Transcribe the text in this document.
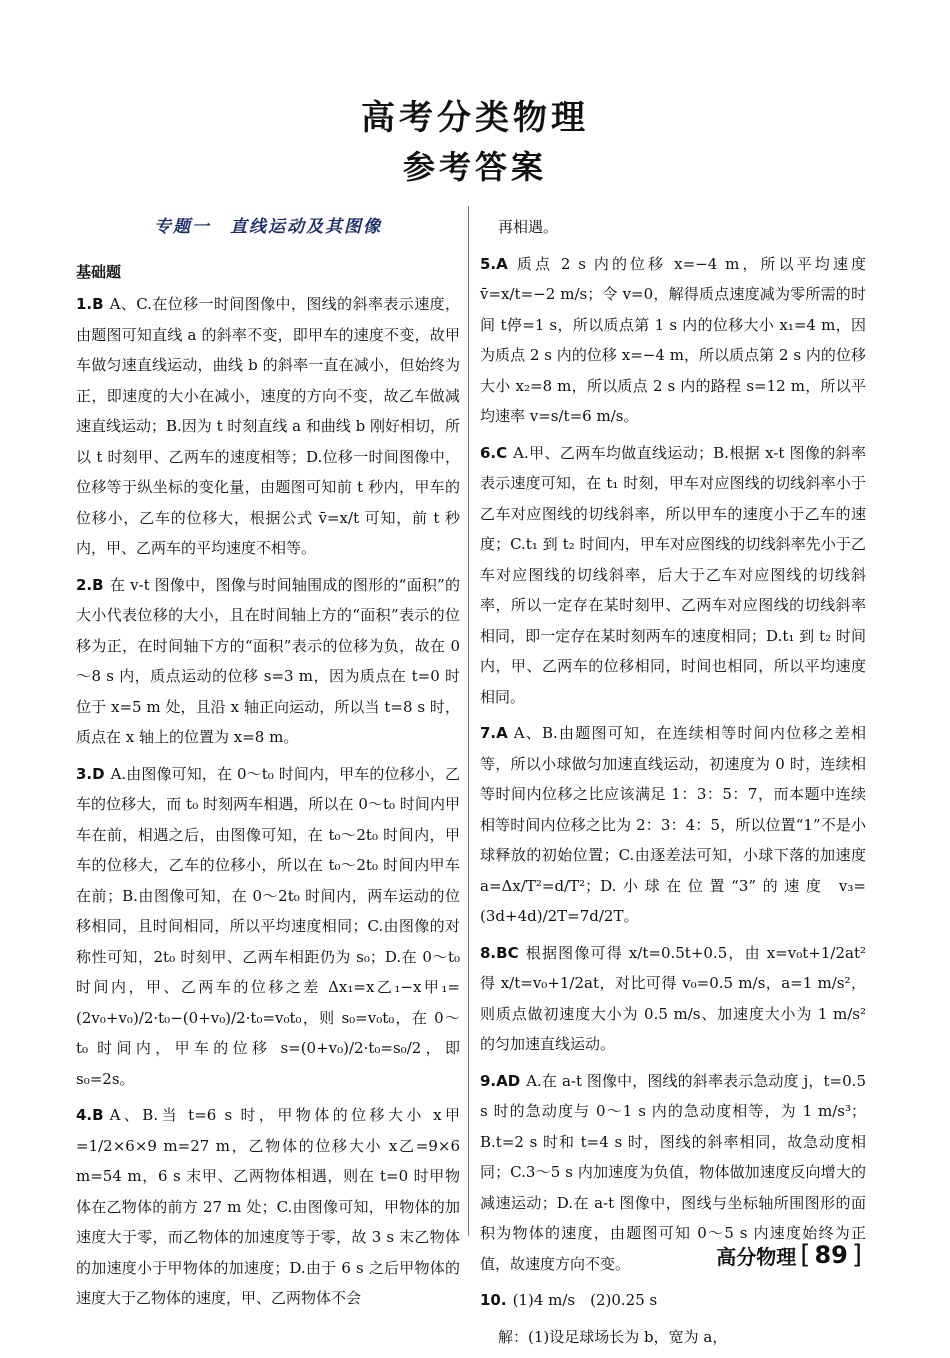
高考分类物理
参考答案
专题一　直线运动及其图像
基础题
1.B A、C.在位移一时间图像中，图线的斜率表示速度，由题图可知直线 a 的斜率不变，即甲车的速度不变，故甲车做匀速直线运动，曲线 b 的斜率一直在减小，但始终为正，即速度的大小在减小，速度的方向不变，故乙车做减速直线运动；B.因为 t 时刻直线 a 和曲线 b 刚好相切，所以 t 时刻甲、乙两车的速度相等；D.位移一时间图像中，位移等于纵坐标的变化量，由题图可知前 t 秒内，甲车的位移小，乙车的位移大，根据公式 v̄=x/t 可知，前 t 秒内，甲、乙两车的平均速度不相等。
2.B 在 v-t 图像中，图像与时间轴围成的图形的“面积”的大小代表位移的大小，且在时间轴上方的“面积”表示的位移为正，在时间轴下方的“面积”表示的位移为负，故在 0～8 s 内，质点运动的位移 s=3 m，因为质点在 t=0 时位于 x=5 m 处，且沿 x 轴正向运动，所以当 t=8 s 时，质点在 x 轴上的位置为 x=8 m。
3.D A.由图像可知，在 0～t₀ 时间内，甲车的位移小，乙车的位移大，而 t₀ 时刻两车相遇，所以在 0～t₀ 时间内甲车在前，相遇之后，由图像可知，在 t₀～2t₀ 时间内，甲车的位移大，乙车的位移小，所以在 t₀～2t₀ 时间内甲车在前；B.由图像可知，在 0～2t₀ 时间内，两车运动的位移相同，且时间相同，所以平均速度相同；C.由图像的对称性可知，2t₀ 时刻甲、乙两车相距仍为 s₀；D.在 0～t₀ 时间内，甲、乙两车的位移之差 Δx₁=x乙₁−x甲₁=(2v₀+v₀)/2·t₀−(0+v₀)/2·t₀=v₀t₀，则 s₀=v₀t₀，在 0～t₀ 时间内，甲车的位移 s=(0+v₀)/2·t₀=s₀/2，即 s₀=2s。
4.B A、B.当 t=6 s 时，甲物体的位移大小 x甲=1/2×6×9 m=27 m，乙物体的位移大小 x乙=9×6 m=54 m，6 s 末甲、乙两物体相遇，则在 t=0 时甲物体在乙物体的前方 27 m 处；C.由图像可知，甲物体的加速度大于零，而乙物体的加速度等于零，故 3 s 末乙物体的加速度小于甲物体的加速度；D.由于 6 s 之后甲物体的速度大于乙物体的速度，甲、乙两物体不会
再相遇。
5.A 质点 2 s 内的位移 x=−4 m，所以平均速度 v̄=x/t=−2 m/s；令 v=0，解得质点速度减为零所需的时间 t停=1 s，所以质点第 1 s 内的位移大小 x₁=4 m，因为质点 2 s 内的位移 x=−4 m，所以质点第 2 s 内的位移大小 x₂=8 m，所以质点 2 s 内的路程 s=12 m，所以平均速率 v=s/t=6 m/s。
6.C A.甲、乙两车均做直线运动；B.根据 x-t 图像的斜率表示速度可知，在 t₁ 时刻，甲车对应图线的切线斜率小于乙车对应图线的切线斜率，所以甲车的速度小于乙车的速度；C.t₁ 到 t₂ 时间内，甲车对应图线的切线斜率先小于乙车对应图线的切线斜率，后大于乙车对应图线的切线斜率，所以一定存在某时刻甲、乙两车对应图线的切线斜率相同，即一定存在某时刻两车的速度相同；D.t₁ 到 t₂ 时间内，甲、乙两车的位移相同，时间也相同，所以平均速度相同。
7.A A、B.由题图可知，在连续相等时间内位移之差相等，所以小球做匀加速直线运动，初速度为 0 时，连续相等时间内位移之比应该满足 1：3：5：7，而本题中连续相等时间内位移之比为 2：3：4：5，所以位置“1”不是小球释放的初始位置；C.由逐差法可知，小球下落的加速度 a=Δx/T²=d/T²；D.小球在位置“3”的速度 v₃=(3d+4d)/2T=7d/2T。
8.BC 根据图像可得 x/t=0.5t+0.5，由 x=v₀t+1/2at² 得 x/t=v₀+1/2at，对比可得 v₀=0.5 m/s，a=1 m/s²，则质点做初速度大小为 0.5 m/s、加速度大小为 1 m/s² 的匀加速直线运动。
9.AD A.在 a-t 图像中，图线的斜率表示急动度 j，t=0.5 s 时的急动度与 0～1 s 内的急动度相等，为 1 m/s³；B.t=2 s 时和 t=4 s 时，图线的斜率相同，故急动度相同；C.3～5 s 内加速度为负值，物体做加速度反向增大的减速运动；D.在 a-t 图像中，图线与坐标轴所围图形的面积为物体的速度，由题图可知 0～5 s 内速度始终为正值，故速度方向不变。
10. (1)4 m/s　(2)0.25 s
解：(1)设足球场长为 b，宽为 a，
高分物理 [ 89 ]
